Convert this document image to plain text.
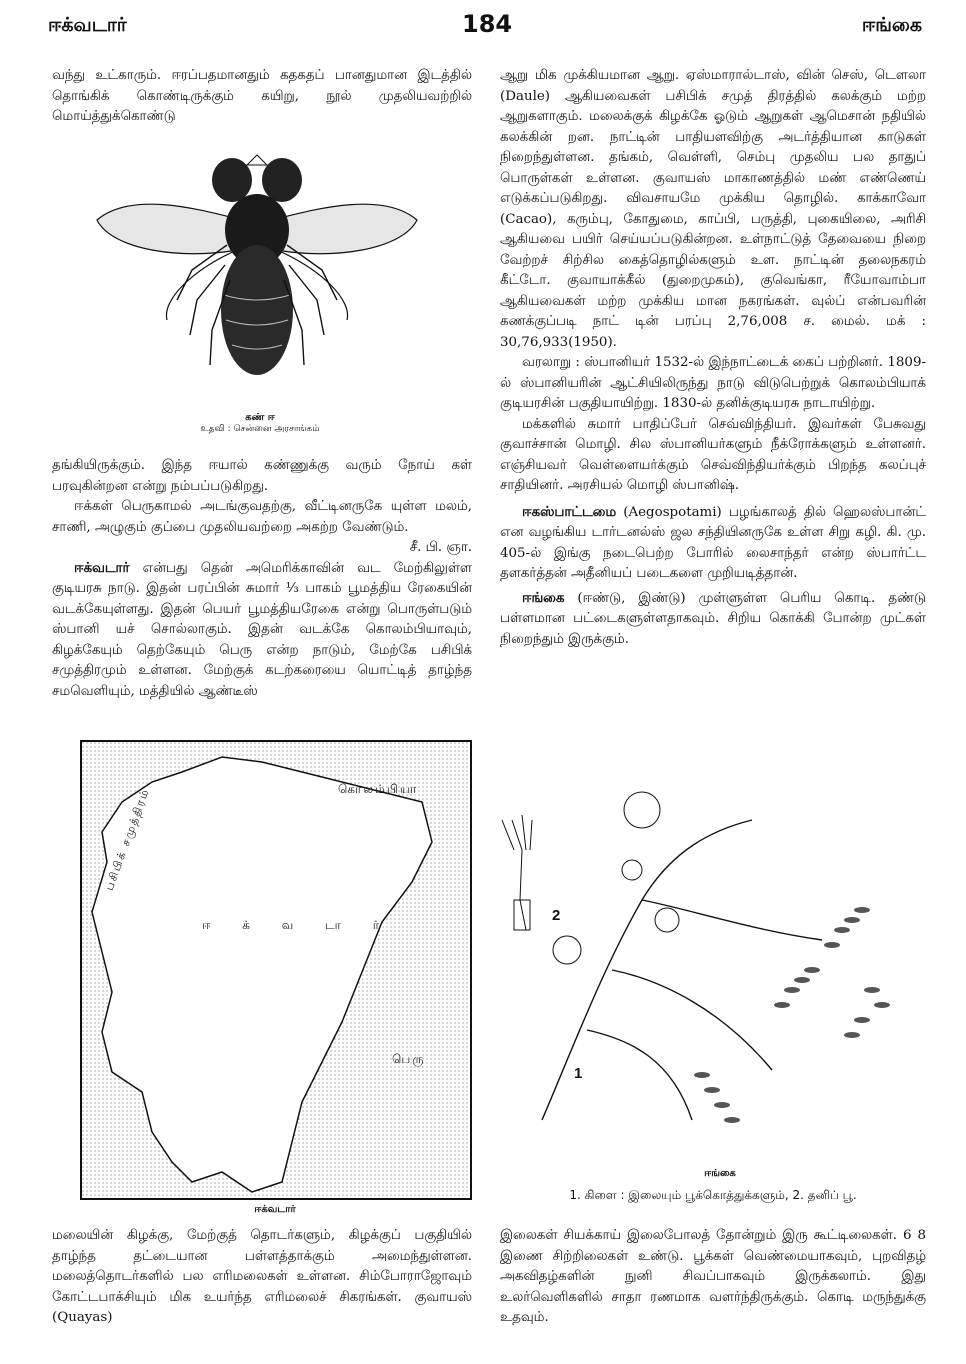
ஈக்வடார்	184	ஈங்கை

வந்து உட்காரும். ஈரப்பதமானதும் கதகதப் பானதுமான இடத்தில் தொங்கிக் கொண்டிருக்கும் கயிறு, நூல் முதலியவற்றில் மொய்த்துக்கொண்டு

கண் ஈ
உதவி : சென்னை அரசாங்கம்

தங்கியிருக்கும். இந்த ஈயால் கண்ணுக்கு வரும் நோய் கள் பரவுகின்றன என்று நம்பப்படுகிறது.

ஈக்கள் பெருகாமல் அடங்குவதற்கு, வீட்டினருகே யுள்ள மலம், சாணி, அழுகும் குப்பை முதலியவற்றை அகற்ற வேண்டும்.

சீ. பி. ஞா.

ஈக்வடார் என்பது தென் அமெரிக்காவின் வட மேற்கிலுள்ள குடியரசு நாடு. இதன் பரப்பின் சுமார் ⅓ பாகம் பூமத்திய ரேகையின் வடக்கேயுள்ளது. இதன் பெயர் பூமத்தியரேகை என்று பொருள்படும் ஸ்பானி யச் சொல்லாகும். இதன் வடக்கே கொலம்பியாவும், கிழக்கேயும் தெற்கேயும் பெரு என்ற நாடும், மேற்கே பசிபிக் சமுத்திரமும் உள்ளன. மேற்குக் கடற்கரையை யொட்டித் தாழ்ந்த சமவெளியும், மத்தியில் ஆண்டீஸ்

கொலம்பியா
பசிபிக் சமுத்திரம்
ஈ க் வ டா ர்
பெரு
ஈக்வடார்

மலையின் கிழக்கு, மேற்குத் தொடர்களும், கிழக்குப் பகுதியில் தாழ்ந்த தட்டையான பள்ளத்தாக்கும் அமைந்துள்ளன. மலைத்தொடர்களில் பல எரிமலைகள் உள்ளன. சிம்போராஜோவும் கோட்டபாக்சியும் மிக உயர்ந்த எரிமலைச் சிகரங்கள். குவாயஸ் (Quayas)

ஆறு மிக முக்கியமான ஆறு. ஏஸ்மாரால்டாஸ், வின் செஸ், டௌலா (Daule) ஆகியவைகள் பசிபிக் சமுத் திரத்தில் கலக்கும் மற்ற ஆறுகளாகும். மலைக்குக் கிழக்கே ஓடும் ஆறுகள் ஆமெசான் நதியில் கலக்கின் றன. நாட்டின் பாதியளவிற்கு அடர்த்தியான காடுகள் நிறைந்துள்ளன. தங்கம், வெள்ளி, செம்பு முதலிய பல தாதுப் பொருள்கள் உள்ளன. குவாயஸ் மாகாணத்தில் மண் எண்ணெய் எடுக்கப்படுகிறது. விவசாயமே முக்கிய தொழில். காக்காவோ (Cacao), கரும்பு, கோதுமை, காப்பி, பருத்தி, புகையிலை, அரிசி ஆகியவை பயிர் செய்யப்படுகின்றன. உள்நாட்டுத் தேவையை நிறை வேற்றச் சிற்சில கைத்தொழில்களும் உள. நாட்டின் தலைநகரம் கீட்டோ. குவாயாக்கீல் (துறைமுகம்), குவெங்கா, ரீயோவாம்பா ஆகியவைகள் மற்ற முக்கிய மான நகரங்கள். வுல்ப் என்பவரின் கணக்குப்படி நாட் டின் பரப்பு 2,76,008 ச. மைல். மக் : 30,76,933(1950).

வரலாறு : ஸ்பானியர் 1532-ல் இந்நாட்டைக் கைப் பற்றினர். 1809-ல் ஸ்பானியரின் ஆட்சியிலிருந்து நாடு விடுபெற்றுக் கொலம்பியாக் குடியரசின் பகுதியாயிற்று. 1830-ல் தனிக்குடியரசு நாடாயிற்று.

மக்களில் சுமார் பாதிப்பேர் செவ்விந்தியர். இவர்கள் பேசுவது குவாச்சான் மொழி. சில ஸ்பானியர்களும் நீக்ரோக்களும் உள்ளனர். எஞ்சியவர் வெள்ளையர்க்கும் செவ்விந்தியர்க்கும் பிறந்த கலப்புச் சாதியினர். அரசியல் மொழி ஸ்பானிஷ்.

ஈகஸ்பாட்டமை (Aegospotami) பழங்காலத் தில் ஹெலஸ்பான்ட் என வழங்கிய டார்டனல்ஸ் ஜல சந்தியினருகே உள்ள சிறு கழி. கி. மு. 405-ல் இங்கு நடைபெற்ற போரில் லைசாந்தர் என்ற ஸ்பார்ட்ட தளகர்த்தன் அதீனியப் படைகளை முறியடித்தான்.

ஈங்கை (ஈண்டு, இண்டு) முள்ளுள்ள பெரிய கொடி. தண்டு பள்ளமான பட்டைகளுள்ளதாகவும். சிறிய கொக்கி போன்ற முட்கள் நிறைந்தும் இருக்கும்.

2
1
ஈங்கை
1. கிளை : இலையும் பூக்கொத்துக்களும், 2. தனிப் பூ.

இலைகள் சியக்காய் இலைபோலத் தோன்றும் இரு கூட்டிலைகள். 6 8 இணை சிற்றிலைகள் உண்டு. பூக்கள் வெண்மையாகவும், புறவிதழ் அகவிதழ்களின் நுனி சிவப்பாகவும் இருக்கலாம். இது உலர்வெளிகளில் சாதா ரணமாக வளர்ந்திருக்கும். கொடி மருந்துக்கு உதவும்.
